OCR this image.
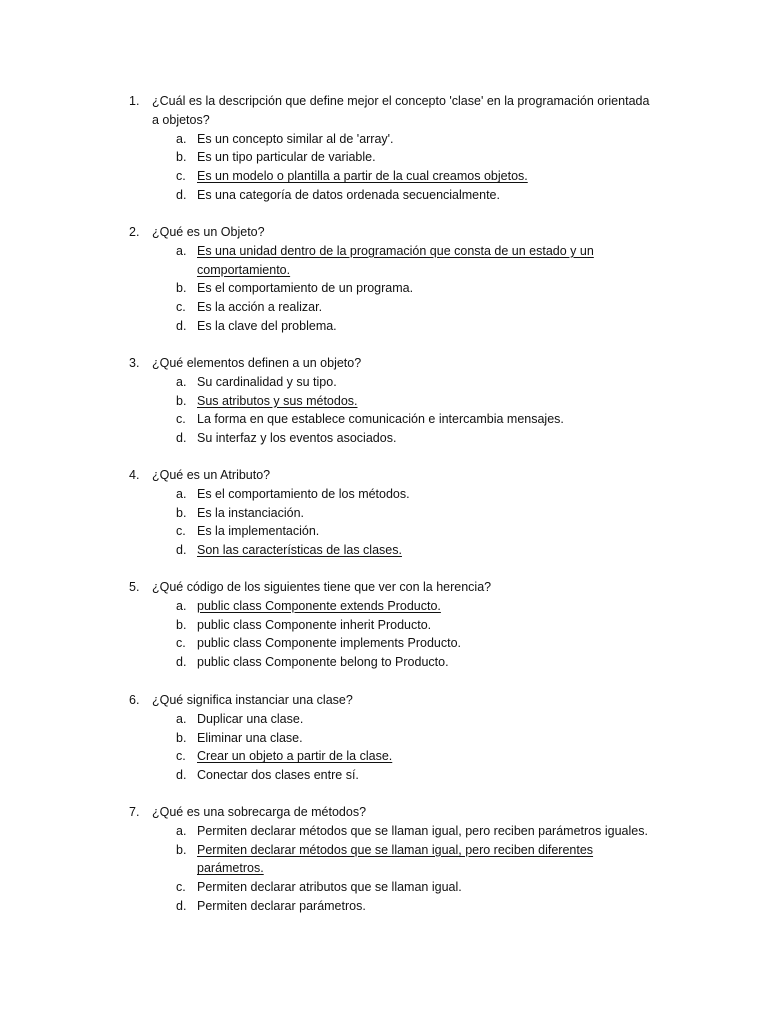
1. ¿Cuál es la descripción que define mejor el concepto 'clase' en la programación orientada
a objetos?
a. Es un concepto similar al de 'array'.
b. Es un tipo particular de variable.
c. Es un modelo o plantilla a partir de la cual creamos objetos.
d. Es una categoría de datos ordenada secuencialmente.
2. ¿Qué es un Objeto?
a. Es una unidad dentro de la programación que consta de un estado y un
comportamiento.
b. Es el comportamiento de un programa.
c. Es la acción a realizar.
d. Es la clave del problema.
3. ¿Qué elementos definen a un objeto?
a. Su cardinalidad y su tipo.
b. Sus atributos y sus métodos.
c. La forma en que establece comunicación e intercambia mensajes.
d. Su interfaz y los eventos asociados.
4. ¿Qué es un Atributo?
a. Es el comportamiento de los métodos.
b. Es la instanciación.
c. Es la implementación.
d. Son las características de las clases.
5. ¿Qué código de los siguientes tiene que ver con la herencia?
a. public class Componente extends Producto.
b. public class Componente inherit Producto.
c. public class Componente implements Producto.
d. public class Componente belong to Producto.
6. ¿Qué significa instanciar una clase?
a. Duplicar una clase.
b. Eliminar una clase.
c. Crear un objeto a partir de la clase.
d. Conectar dos clases entre sí.
7. ¿Qué es una sobrecarga de métodos?
a. Permiten declarar métodos que se llaman igual, pero reciben parámetros iguales.
b. Permiten declarar métodos que se llaman igual, pero reciben diferentes
parámetros.
c. Permiten declarar atributos que se llaman igual.
d. Permiten declarar parámetros.
